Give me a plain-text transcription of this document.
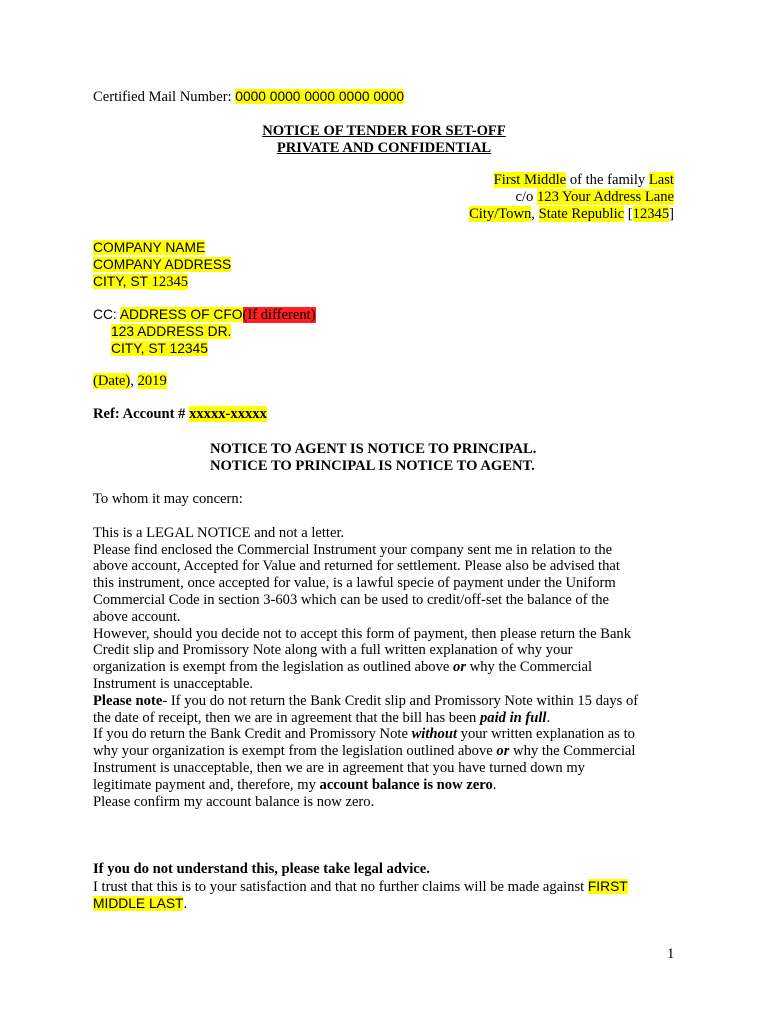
Certified Mail Number: 0000 0000 0000 0000 0000
NOTICE OF TENDER FOR SET-OFF
PRIVATE AND CONFIDENTIAL
First Middle of the family Last
c/o 123 Your Address Lane
City/Town, State Republic [12345]
COMPANY NAME
COMPANY ADDRESS
CITY, ST 12345
CC: ADDRESS OF CFO(If different)
123 ADDRESS DR.
CITY, ST 12345
(Date), 2019
Ref: Account # xxxxx-xxxxx
NOTICE TO AGENT IS NOTICE TO PRINCIPAL.
NOTICE TO PRINCIPAL IS NOTICE TO AGENT.
To whom it may concern:
This is a LEGAL NOTICE and not a letter.
Please find enclosed the Commercial Instrument your company sent me in relation to the
above account, Accepted for Value and returned for settlement. Please also be advised that
this instrument, once accepted for value, is a lawful specie of payment under the Uniform
Commercial Code in section 3-603 which can be used to credit/off-set the balance of the
above account.
However, should you decide not to accept this form of payment, then please return the Bank
Credit slip and Promissory Note along with a full written explanation of why your
organization is exempt from the legislation as outlined above or why the Commercial
Instrument is unacceptable.
Please note- If you do not return the Bank Credit slip and Promissory Note within 15 days of
the date of receipt, then we are in agreement that the bill has been paid in full.
If you do return the Bank Credit and Promissory Note without your written explanation as to
why your organization is exempt from the legislation outlined above or why the Commercial
Instrument is unacceptable, then we are in agreement that you have turned down my
legitimate payment and, therefore, my account balance is now zero.
Please confirm my account balance is now zero.
If you do not understand this, please take legal advice.
I trust that this is to your satisfaction and that no further claims will be made against FIRST
MIDDLE LAST.
1
